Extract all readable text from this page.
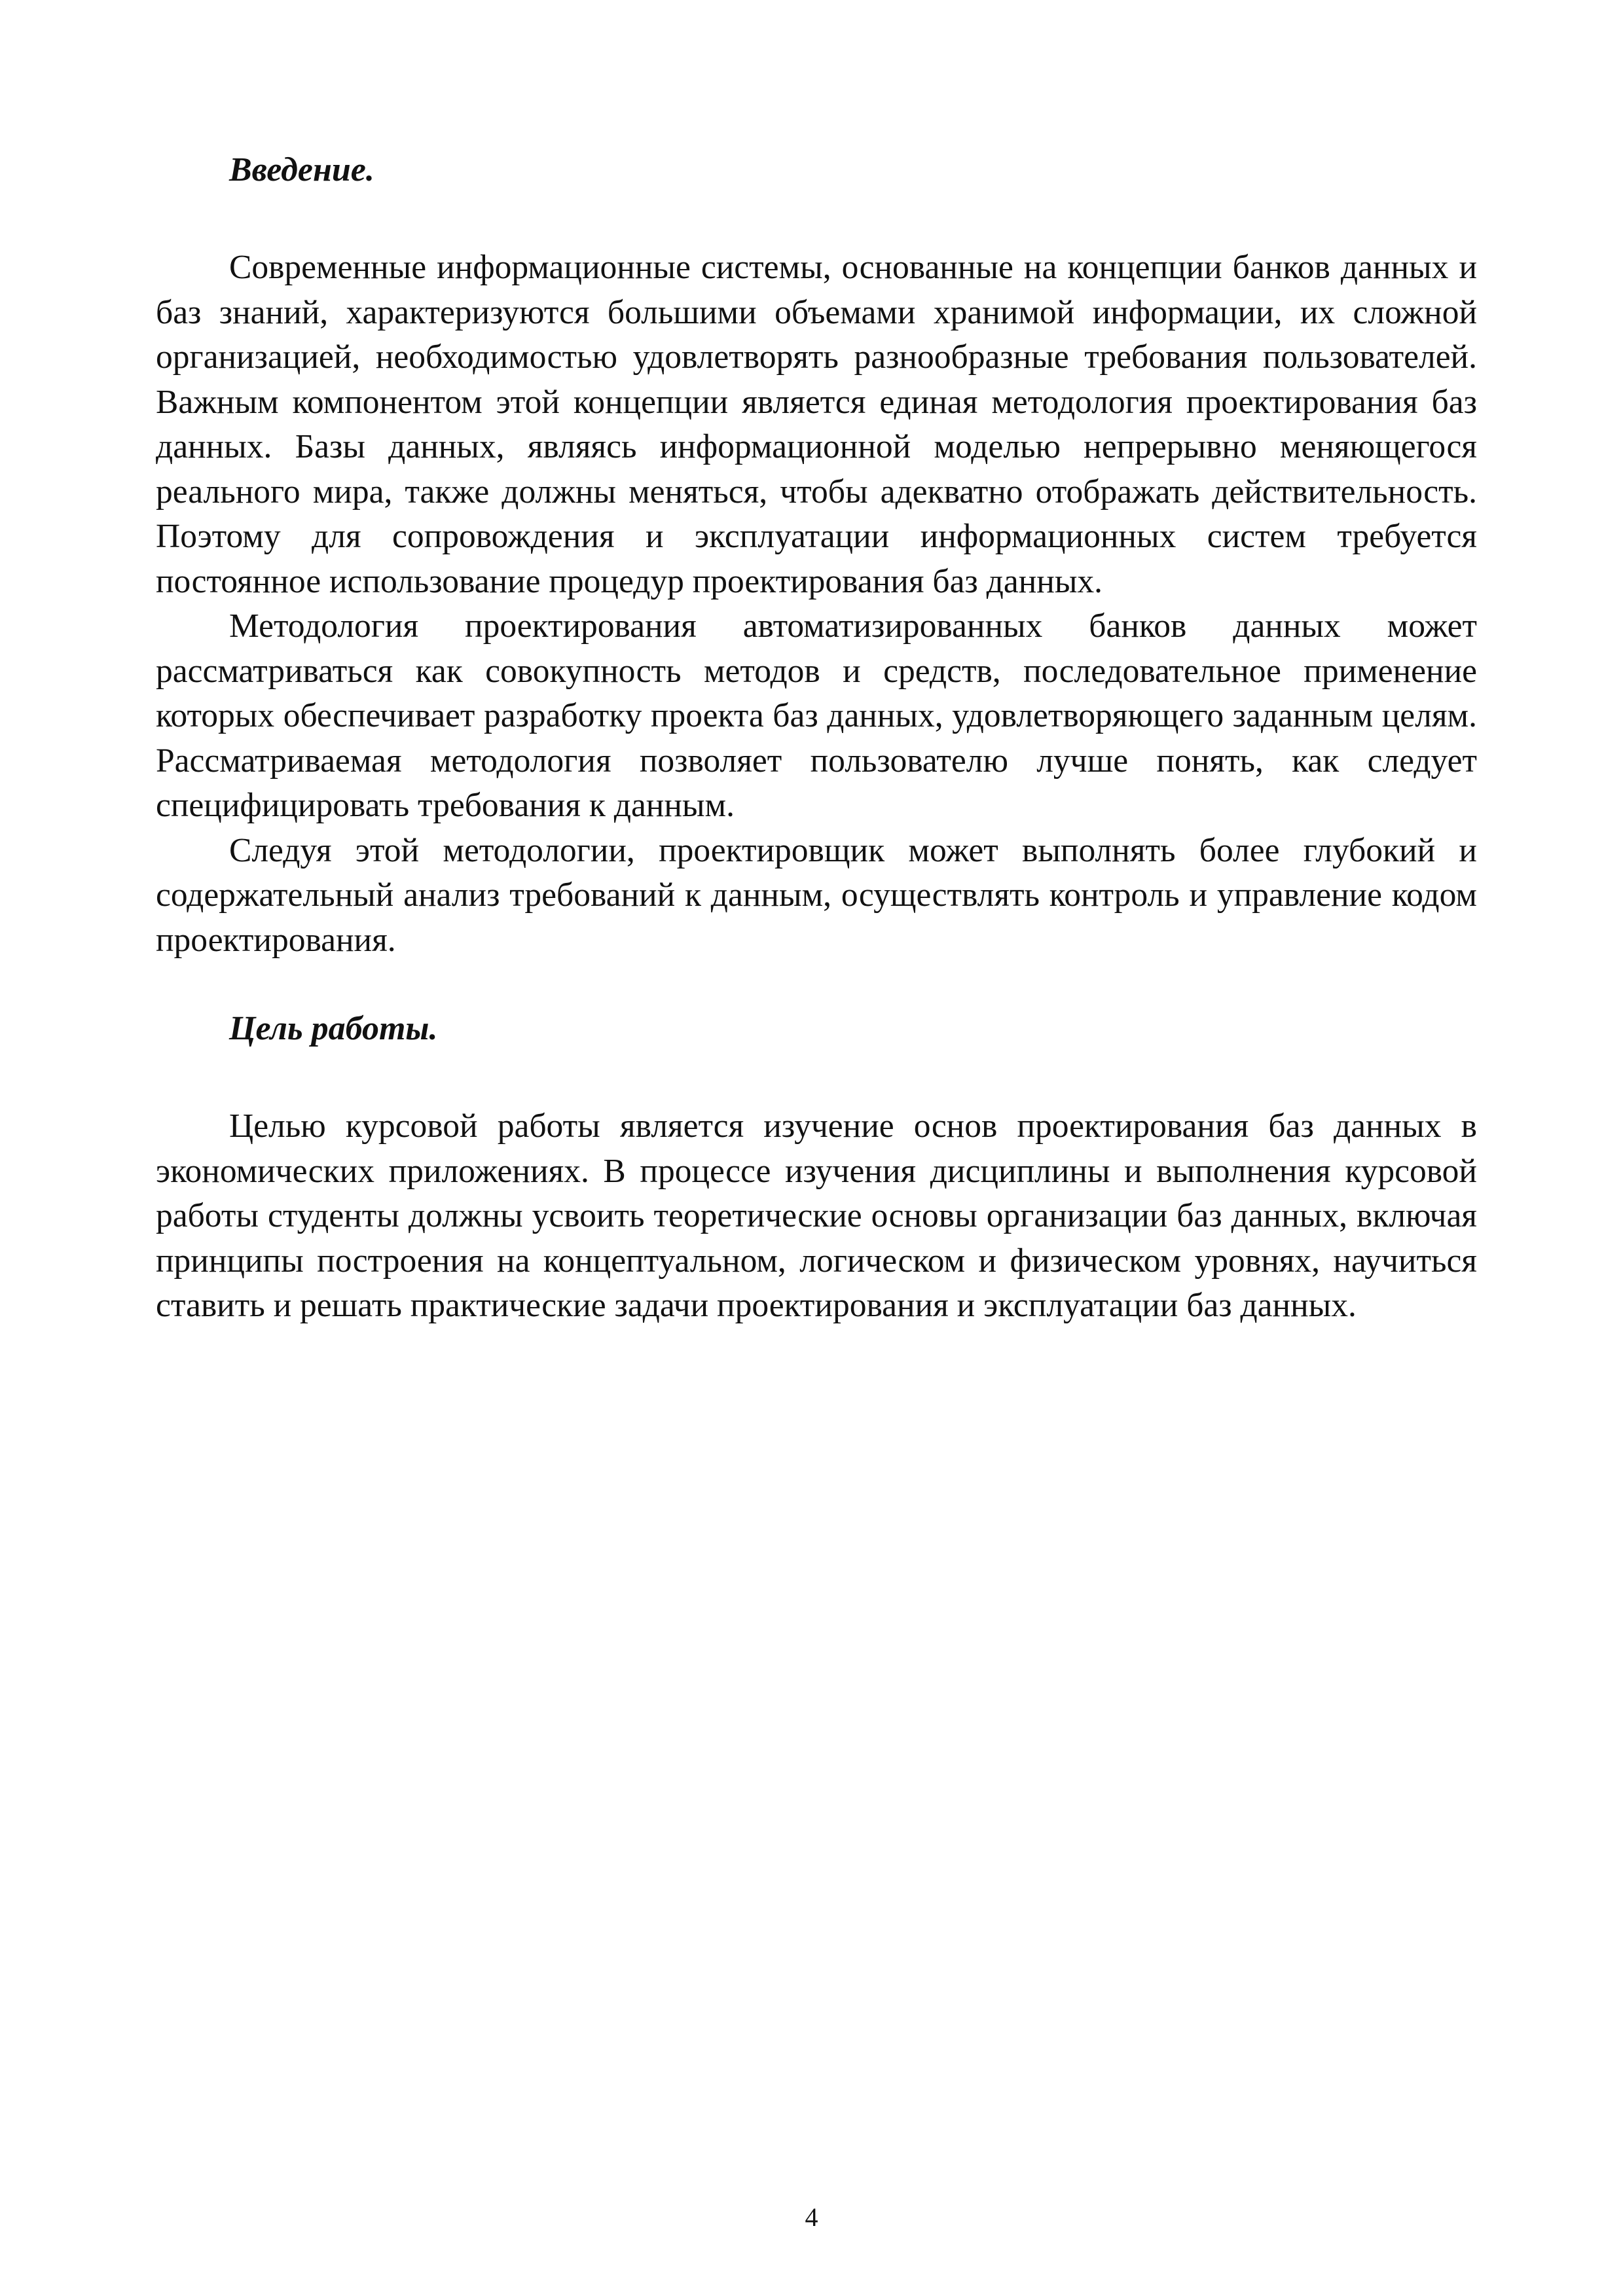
Введение.

Современные информационные системы, основанные на концепции банков данных и баз знаний, характеризуются большими объемами хранимой информации, их сложной организацией, необходимостью удовлетворять разнообразные требования пользователей. Важным компонентом этой концепции является единая методология проектирования баз данных. Базы данных, являясь информационной моделью непрерывно меняющегося реального мира, также должны меняться, чтобы адекватно отображать действительность. Поэтому для сопровождения и эксплуатации информационных систем требуется постоянное использование процедур проектирования баз данных.

Методология проектирования автоматизированных банков данных может рассматриваться как совокупность методов и средств, последовательное применение которых обеспечивает разработку проекта баз данных, удовлетворяющего заданным целям. Рассматриваемая методология позволяет пользователю лучше понять, как следует специфицировать требования к данным.

Следуя этой методологии, проектировщик может выполнять более глубокий и содержательный анализ требований к данным, осуществлять контроль и управление кодом проектирования.

Цель работы.

Целью курсовой работы является изучение основ проектирования баз данных в экономических приложениях. В процессе изучения дисциплины и выполнения курсовой работы студенты должны усвоить теоретические основы организации баз данных, включая принципы построения на концептуальном, логическом и физическом уровнях, научиться ставить и решать практические задачи проектирования и эксплуатации баз данных.

4
